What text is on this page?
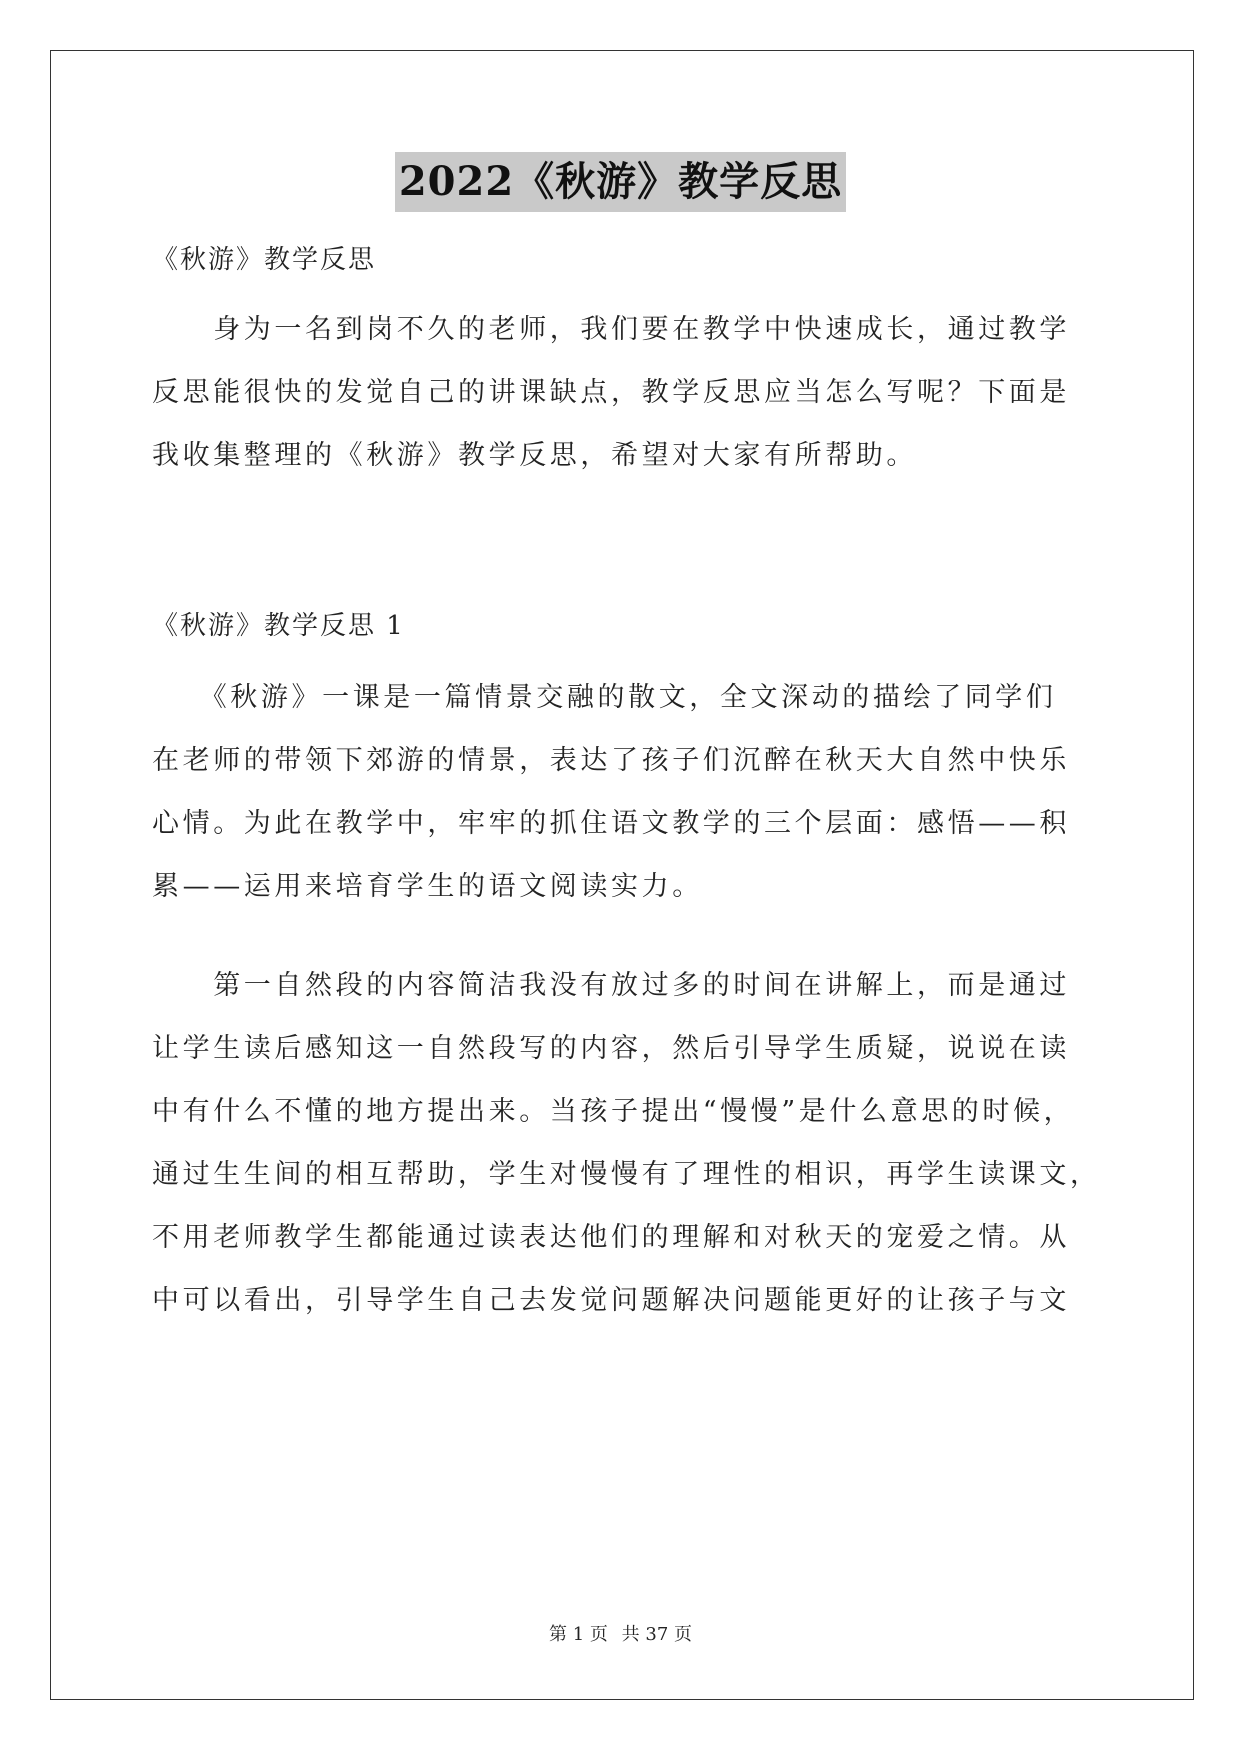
2022《秋游》教学反思
《秋游》教学反思
　　身为一名到岗不久的老师，我们要在教学中快速成长，通过教学
反思能很快的发觉自己的讲课缺点，教学反思应当怎么写呢？下面是
我收集整理的《秋游》教学反思，希望对大家有所帮助。
《秋游》教学反思 1
　　《秋游》一课是一篇情景交融的散文，全文深动的描绘了同学们
在老师的带领下郊游的情景，表达了孩子们沉醉在秋天大自然中快乐
心情。为此在教学中，牢牢的抓住语文教学的三个层面：感悟——积
累——运用来培育学生的语文阅读实力。
　　第一自然段的内容简洁我没有放过多的时间在讲解上，而是通过
让学生读后感知这一自然段写的内容，然后引导学生质疑，说说在读
中有什么不懂的地方提出来。当孩子提出“慢慢”是什么意思的时候，
通过生生间的相互帮助，学生对慢慢有了理性的相识，再学生读课文，
不用老师教学生都能通过读表达他们的理解和对秋天的宠爱之情。从
中可以看出，引导学生自己去发觉问题解决问题能更好的让孩子与文
第 1 页 共 37 页
